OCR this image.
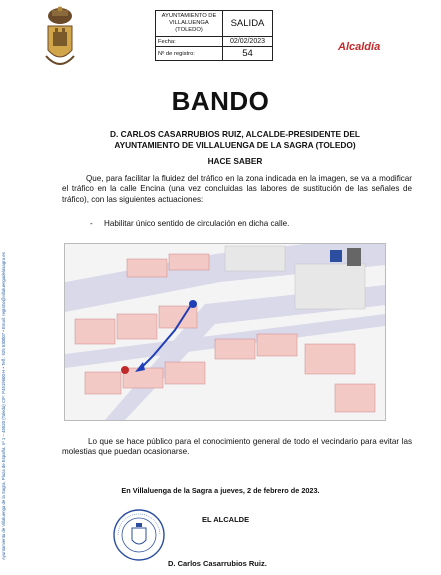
AYUNTAMIENTO DE
VILLALUENGA
(TOLEDO)	SALIDA
Fecha:	02/02/2023
Nº de registro:	54
Alcaldía
Ayuntamiento de Villaluenga de la Sagra, Plaza de España, nº 1 – 45520 (Toledo) CIF: P4519600-H • Telf.: 925 530007 • Email: registro@villaluengadelasagra.es
BANDO
D. CARLOS CASARRUBIOS RUIZ, ALCALDE-PRESIDENTE DEL
AYUNTAMIENTO DE VILLALUENGA DE LA SAGRA (TOLEDO)
HACE SABER
Que, para facilitar la fluidez del tráfico en la zona indicada en la imagen, se va a modificar el tráfico en la calle Encina (una vez concluidas las labores de sustitución de las señales de tráfico), con las siguientes actuaciones:
- Habilitar único sentido de circulación en dicha calle.
Lo que se hace público para el conocimiento general de todo el vecindario para evitar las molestias que puedan ocasionarse.
En Villaluenga de la Sagra a jueves, 2 de febrero de 2023.
EL ALCALDE
D. Carlos Casarrubios Ruiz.
